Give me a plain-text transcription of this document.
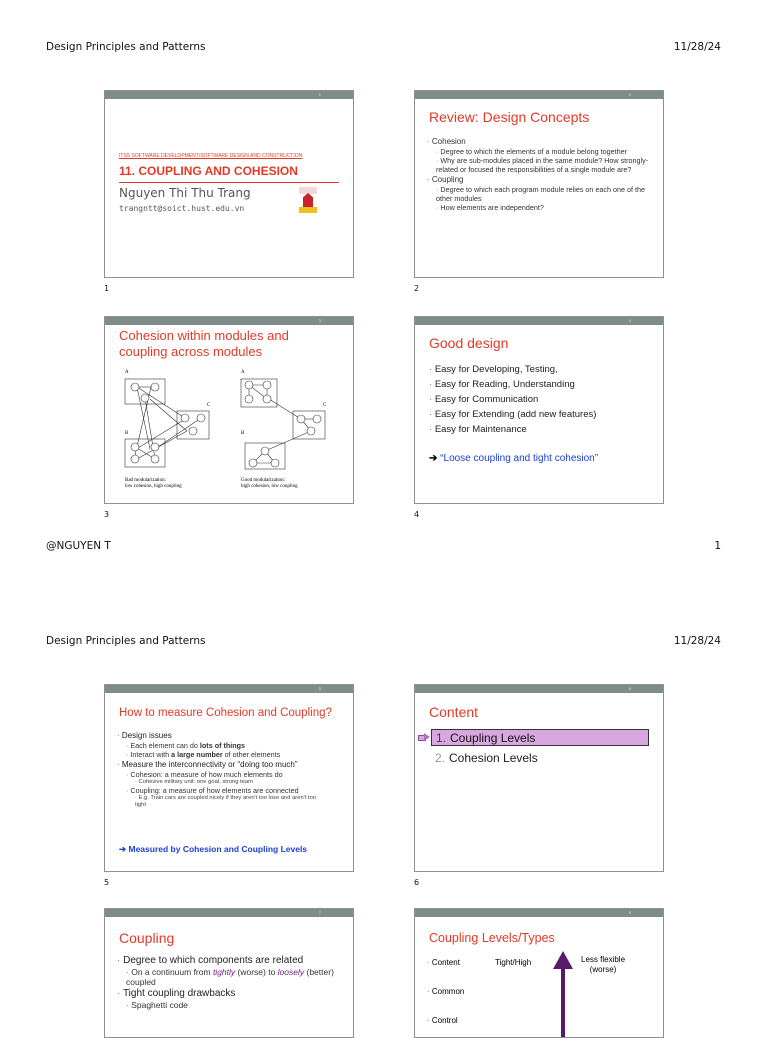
Design Principles and Patterns	11/28/24
1
ITSS SOFTWARE DEVELOPMENT/SOFTWARE DESIGN AND CONSTRUCTION
11. COUPLING AND COHESION
Nguyen Thi Thu Trang
trangntt@soict.hust.edu.vn
1
2
Review: Design Concepts
· Cohesion
· Degree to which the elements of a module belong together
· Why are sub-modules placed in the same module? How strongly-related or focused the responsibilities of a single module are?
· Coupling
· Degree to which each program module relies on each one of the other modules
· How elements are independent?
2
3
Cohesion within modules and coupling across modules
A
B
C
A
B
C
Bad modularization:
low cohesion, high coupling
Good modularization:
high cohesion, low coupling
3
4
Good design
· Easy for Developing, Testing,
· Easy for Reading, Understanding
· Easy for Communication
· Easy for Extending (add new features)
· Easy for Maintenance
➔ “Loose coupling and tight cohesion”
4
@NGUYEN T	1
Design Principles and Patterns	11/28/24
5
How to measure Cohesion and Coupling?
· Design issues
· Each element can do lots of things
· Interact with a large number of other elements
· Measure the interconnectivity or “doing too much”
· Cohesion: a measure of how much elements do
· Cohesive military unit: one goal, strong team
· Coupling: a measure of how elements are connected
· E.g. Train cars are coupled nicely if they aren't too lose and aren't too tight
➔ Measured by Cohesion and Coupling Levels
5
6
Content
1. Coupling Levels
2. Cohesion Levels
6
7
Coupling
· Degree to which components are related
· On a continuum from tightly (worse) to loosely (better) coupled
· Tight coupling drawbacks
· Spaghetti code
8
Coupling Levels/Types
· Content
· Common
· Control
Tight/High	Less flexible
(worse)
